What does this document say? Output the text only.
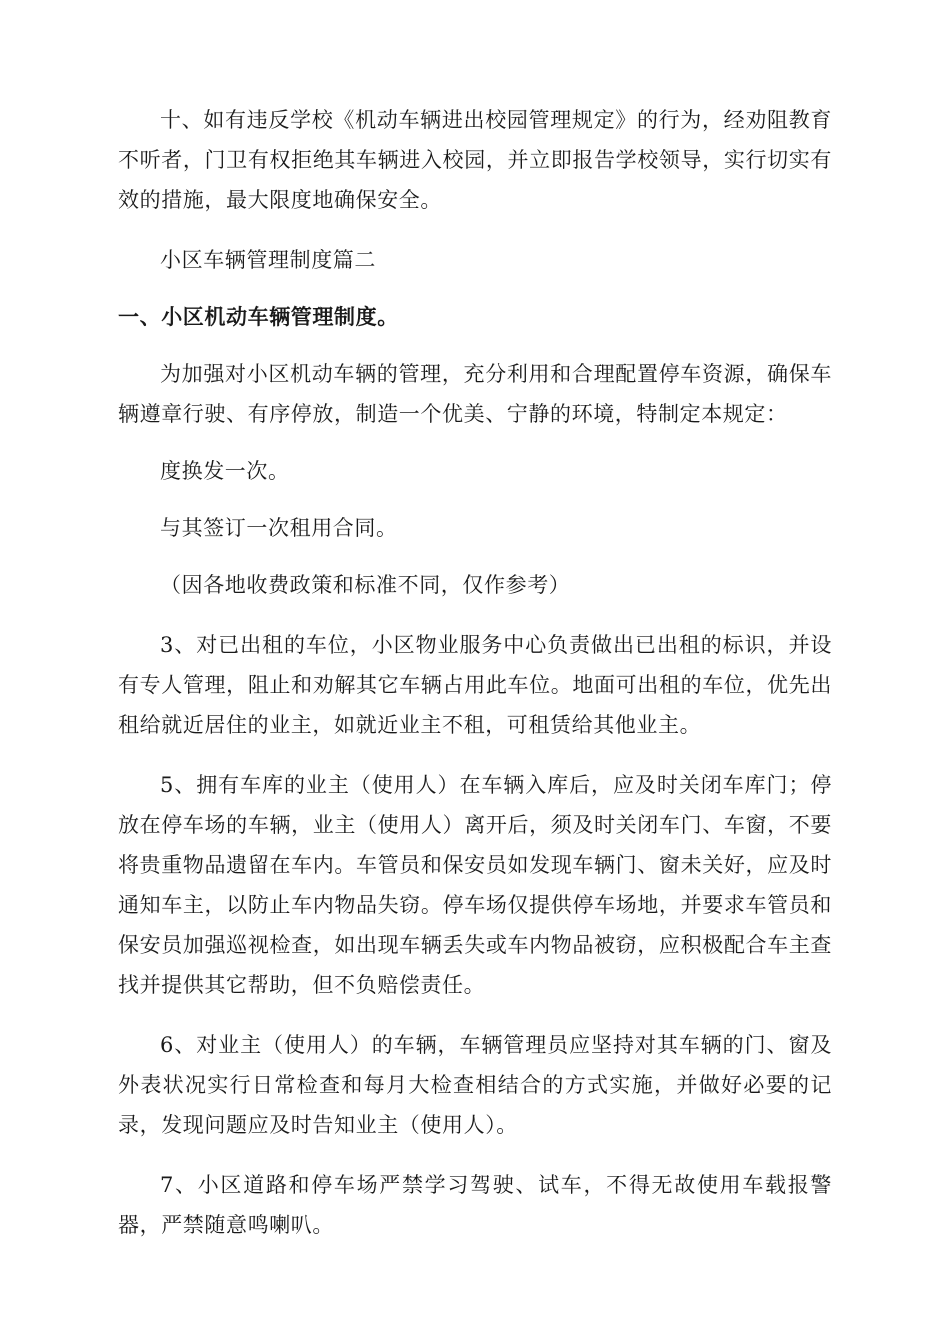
十、如有违反学校《机动车辆进出校园管理规定》的行为，经劝阻教育不听者，门卫有权拒绝其车辆进入校园，并立即报告学校领导，实行切实有效的措施，最大限度地确保安全。

小区车辆管理制度篇二

一、小区机动车辆管理制度。

为加强对小区机动车辆的管理，充分利用和合理配置停车资源，确保车辆遵章行驶、有序停放，制造一个优美、宁静的环境，特制定本规定：

度换发一次。

与其签订一次租用合同。

（因各地收费政策和标准不同，仅作参考）

3、对已出租的车位，小区物业服务中心负责做出已出租的标识，并设有专人管理，阻止和劝解其它车辆占用此车位。地面可出租的车位，优先出租给就近居住的业主，如就近业主不租，可租赁给其他业主。

5、拥有车库的业主（使用人）在车辆入库后，应及时关闭车库门；停放在停车场的车辆，业主（使用人）离开后，须及时关闭车门、车窗，不要将贵重物品遗留在车内。车管员和保安员如发现车辆门、窗未关好，应及时通知车主，以防止车内物品失窃。停车场仅提供停车场地，并要求车管员和保安员加强巡视检查，如出现车辆丢失或车内物品被窃，应积极配合车主查找并提供其它帮助，但不负赔偿责任。

6、对业主（使用人）的车辆，车辆管理员应坚持对其车辆的门、窗及外表状况实行日常检查和每月大检查相结合的方式实施，并做好必要的记录，发现问题应及时告知业主（使用人）。

7、小区道路和停车场严禁学习驾驶、试车，不得无故使用车载报警器，严禁随意鸣喇叭。
